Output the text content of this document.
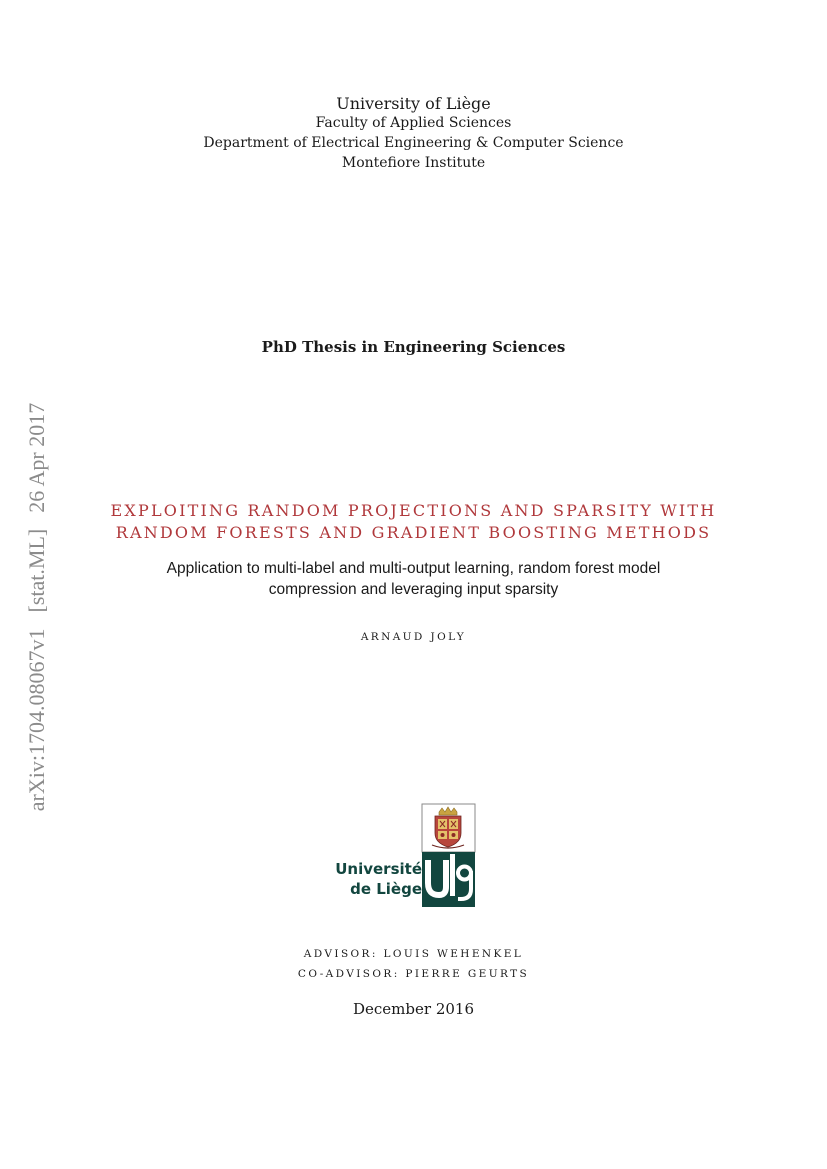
University of Liège
Faculty of Applied Sciences
Department of Electrical Engineering & Computer Science
Montefiore Institute
PhD Thesis in Engineering Sciences
EXPLOITING RANDOM PROJECTIONS AND SPARSITY WITH
RANDOM FORESTS AND GRADIENT BOOSTING METHODS
Application to multi-label and multi-output learning, random forest model
compression and leveraging input sparsity
ARNAUD JOLY
Université
de Liège
ADVISOR: LOUIS WEHENKEL
CO-ADVISOR: PIERRE GEURTS
December 2016
arXiv:1704.08067v1[stat.ML]26 Apr 2017
